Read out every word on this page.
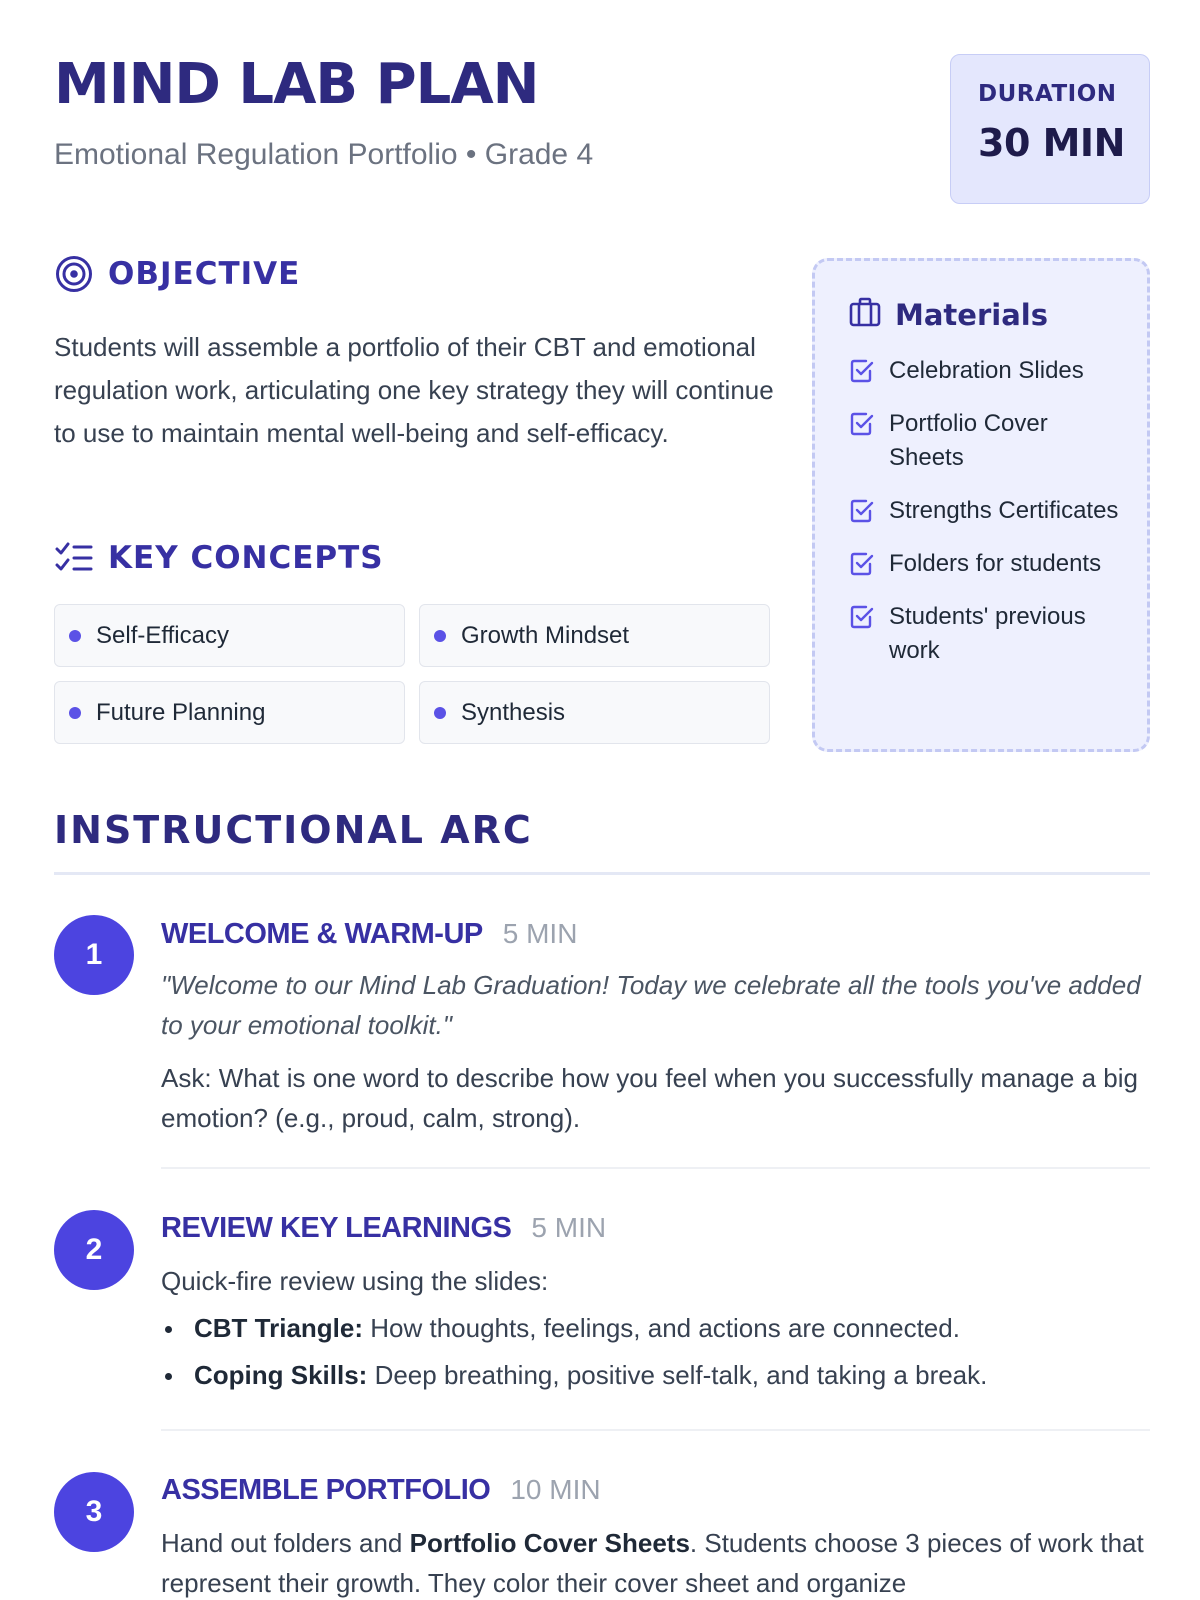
MIND LAB PLAN
Emotional Regulation Portfolio • Grade 4
DURATION
30 MIN
OBJECTIVE

Students will assemble a portfolio of their CBT and emotional regulation work, articulating one key strategy they will continue to use to maintain mental well-being and self-efficacy.

KEY CONCEPTS
Self-Efficacy	Growth Mindset
Future Planning	Synthesis
Materials
Celebration Slides
Portfolio Cover Sheets
Strengths Certificates
Folders for students
Students' previous work
INSTRUCTIONAL ARC
1
WELCOME & WARM-UP 5 MIN

"Welcome to our Mind Lab Graduation! Today we celebrate all the tools you've added to your emotional toolkit."

Ask: What is one word to describe how you feel when you successfully manage a big emotion? (e.g., proud, calm, strong).

2
REVIEW KEY LEARNINGS 5 MIN

Quick-fire review using the slides:

CBT Triangle: How thoughts, feelings, and actions are connected.
Coping Skills: Deep breathing, positive self-talk, and taking a break.
3
ASSEMBLE PORTFOLIO 10 MIN

Hand out folders and Portfolio Cover Sheets. Students choose 3 pieces of work that represent their growth. They color their cover sheet and organize
